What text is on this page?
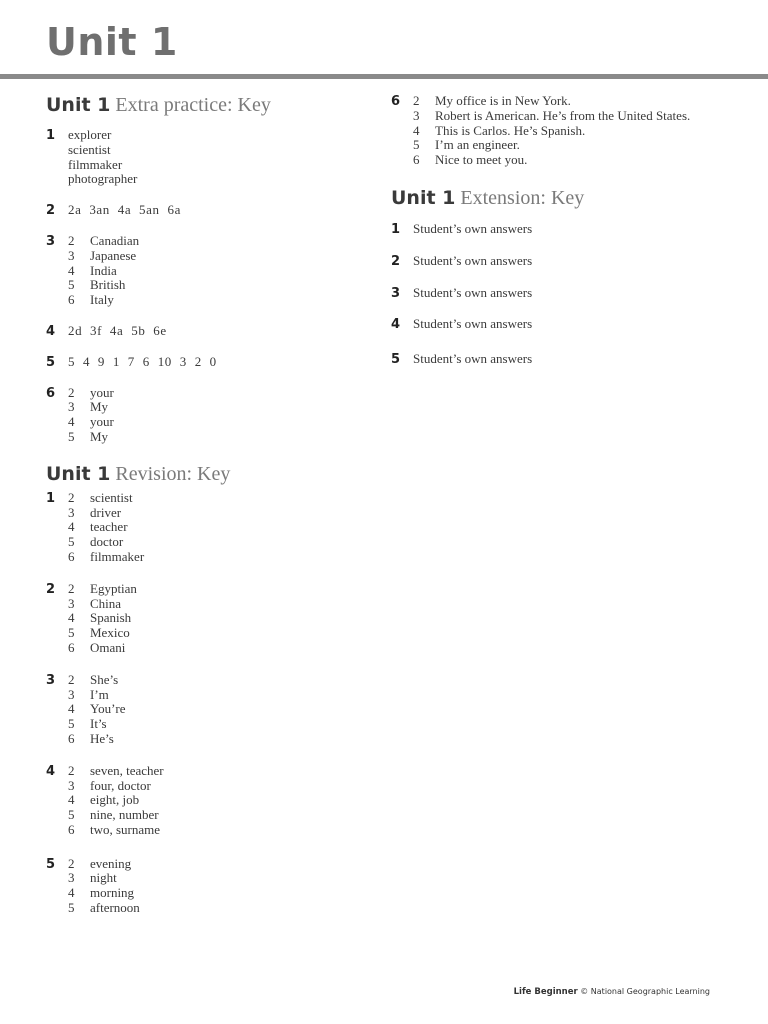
Unit 1
Unit 1 Extra practice: Key
1 explorer
scientist
filmmaker
photographer
2 2a 3an 4a 5an 6a
3 2	Canadian
3	Japanese
4	India
5	British
6	Italy
4 2d 3f 4a 5b 6e
5 5 4 9 1 7 6 10 3 2 0
6 2	your
3	My
4	your
5	My
Unit 1 Revision: Key
1 2	scientist
3	driver
4	teacher
5	doctor
6	filmmaker
2 2	Egyptian
3	China
4	Spanish
5	Mexico
6	Omani
3 2	She’s
3	I’m
4	You’re
5	It’s
6	He’s
4 2	seven, teacher
3	four, doctor
4	eight, job
5	nine, number
6	two, surname
5 2	evening
3	night
4	morning
5	afternoon
6 2	My office is in New York.
3	Robert is American. He’s from the United States.
4	This is Carlos. He’s Spanish.
5	I’m an engineer.
6	Nice to meet you.
Unit 1 Extension: Key
1 Student’s own answers
2 Student’s own answers
3 Student’s own answers
4 Student’s own answers
5 Student’s own answers
Life Beginner © National Geographic Learning
